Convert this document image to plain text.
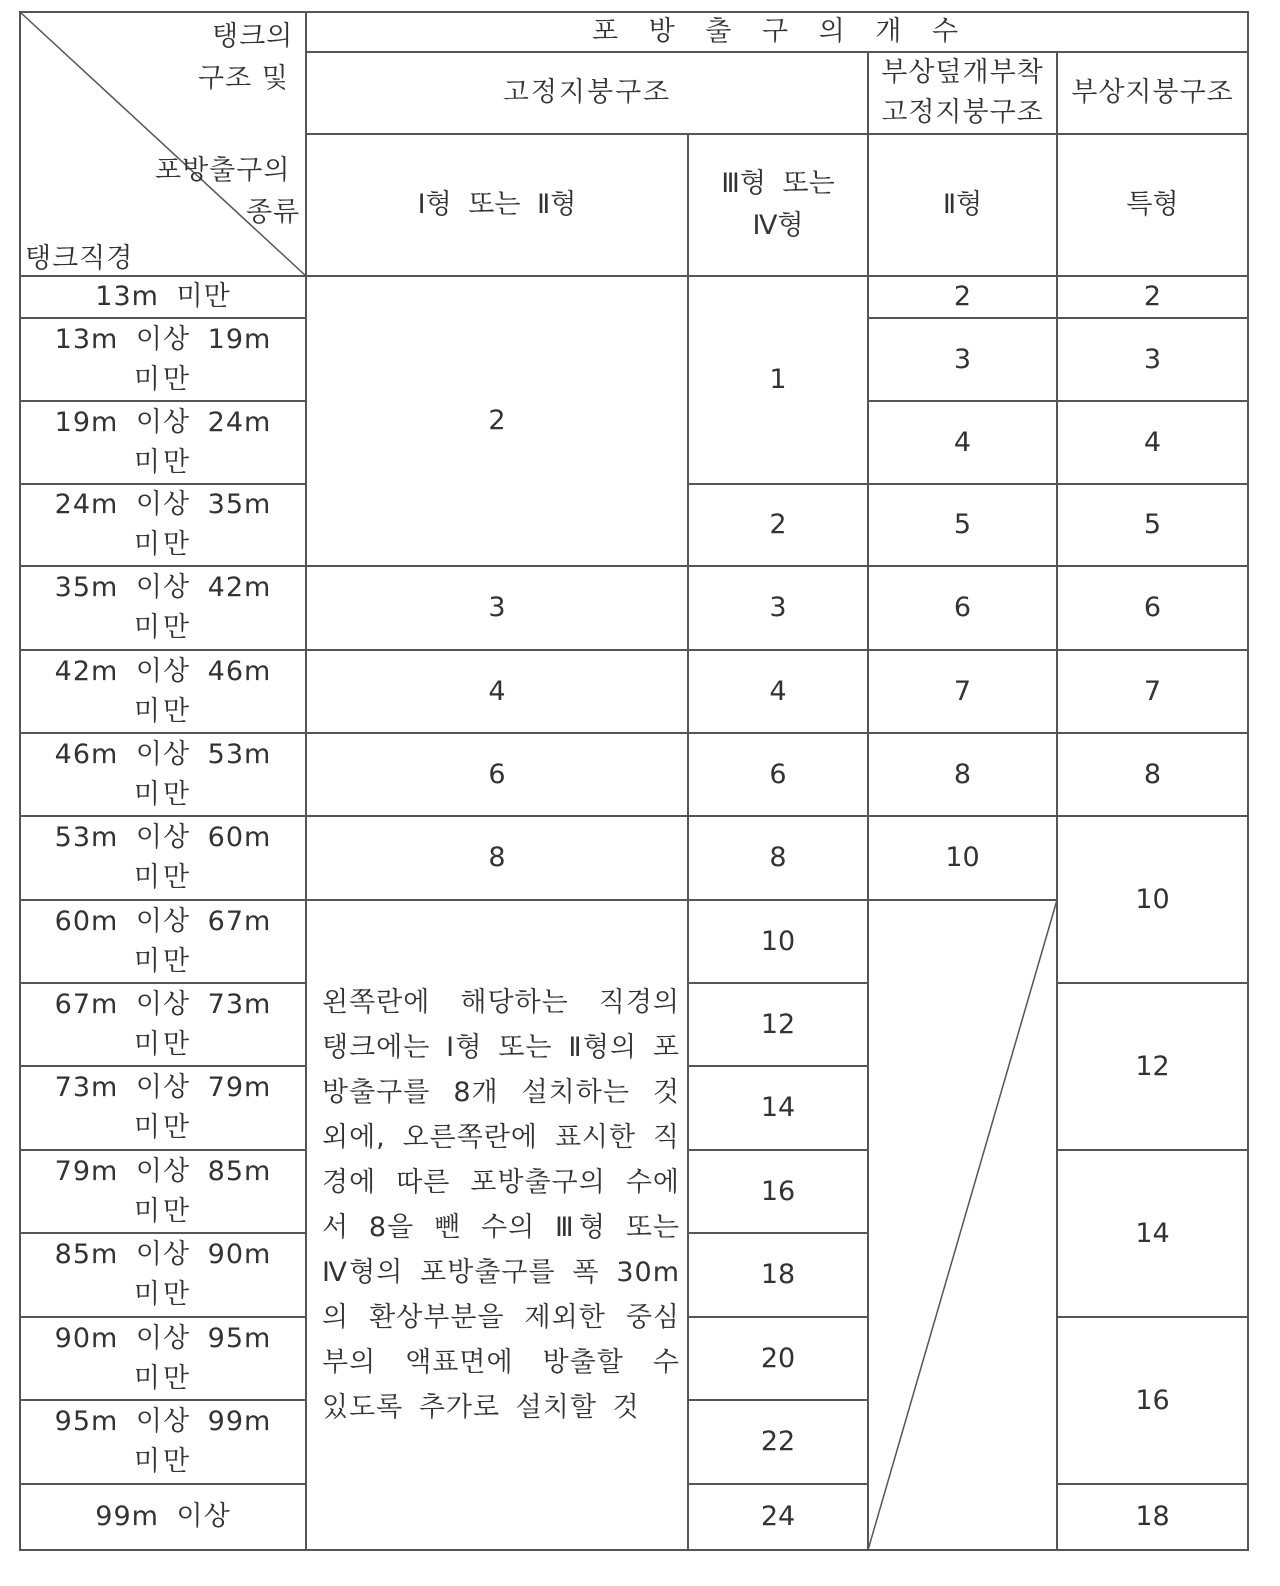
탱크의
구조 및
포방출구의
종류
탱크직경
포 방 출 구 의 개 수
고정지붕구조
부상덮개부착
고정지붕구조
부상지붕구조
Ⅰ형 또는 Ⅱ형
Ⅲ형 또는
Ⅳ형
Ⅱ형	특형
13m 미만
13m 이상 19m
미만
19m 이상 24m
미만
24m 이상 35m
미만
35m 이상 42m
미만
42m 이상 46m
미만
46m 이상 53m
미만
53m 이상 60m
미만
60m 이상 67m
미만
67m 이상 73m
미만
73m 이상 79m
미만
79m 이상 85m
미만
85m 이상 90m
미만
90m 이상 95m
미만
95m 이상 99m
미만
99m 이상
2
3
4
6
8
왼쪽란에 해당하는 직경의 탱크에는 Ⅰ형 또는 Ⅱ형의 포방출구를 8개 설치하는 것 외에, 오른쪽란에 표시한 직경에 따른 포방출구의 수에서 8을 뺀 수의 Ⅲ형 또는 Ⅳ형의 포방출구를 폭 30m의 환상부분을 제외한 중심부의 액표면에 방출할 수 있도록 추가로 설치할 것
1
2
3
4
6
8
10
12
14
16
18
20
22
24
2
3
4
5
6
7
8
10
2
3
4
5
6
7
8
10
12
14
16
18
